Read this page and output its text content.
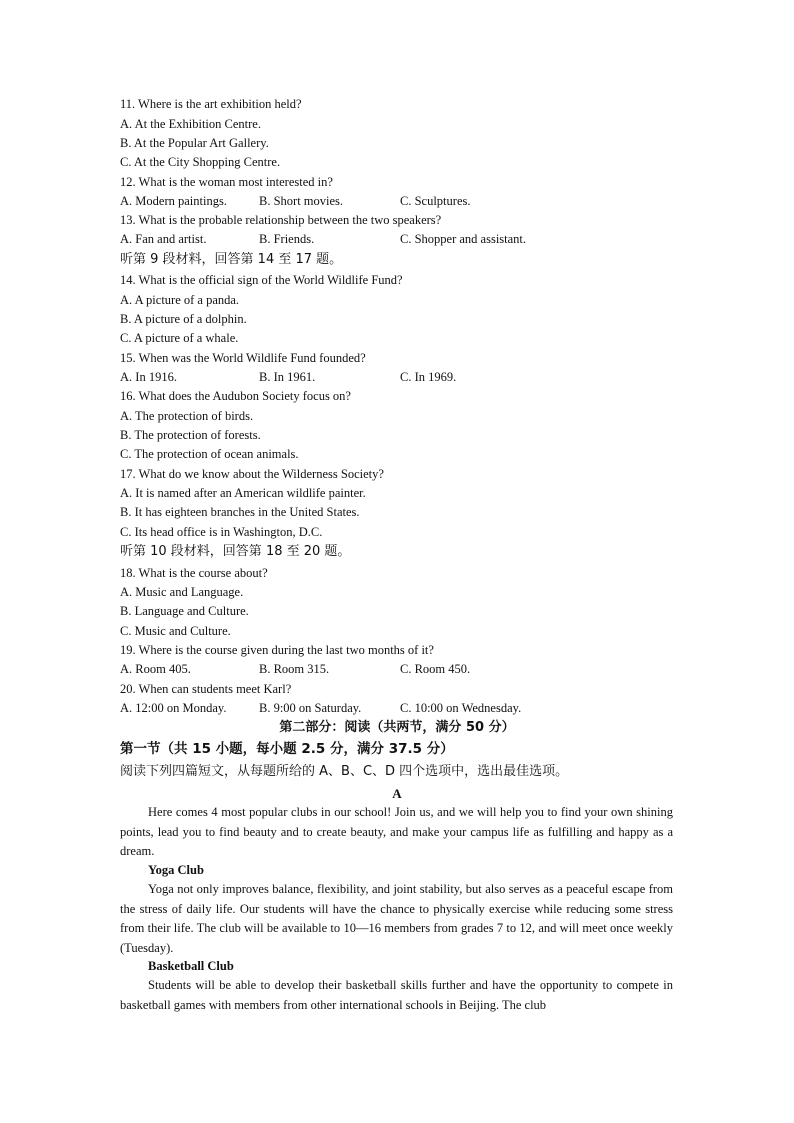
11. Where is the art exhibition held?
A. At the Exhibition Centre.
B. At the Popular Art Gallery.
C. At the City Shopping Centre.
12. What is the woman most interested in?
A. Modern paintings.	B. Short movies.	C. Sculptures.
13. What is the probable relationship between the two speakers?
A. Fan and artist.	B. Friends.	C. Shopper and assistant.
听第 9 段材料，回答第 14 至 17 题。
14. What is the official sign of the World Wildlife Fund?
A. A picture of a panda.
B. A picture of a dolphin.
C. A picture of a whale.
15. When was the World Wildlife Fund founded?
A. In 1916.	B. In 1961.	C. In 1969.
16. What does the Audubon Society focus on?
A. The protection of birds.
B. The protection of forests.
C. The protection of ocean animals.
17. What do we know about the Wilderness Society?
A. It is named after an American wildlife painter.
B. It has eighteen branches in the United States.
C. Its head office is in Washington, D.C.
听第 10 段材料，回答第 18 至 20 题。
18. What is the course about?
A. Music and Language.
B. Language and Culture.
C. Music and Culture.
19. Where is the course given during the last two months of it?
A. Room 405.	B. Room 315.	C. Room 450.
20. When can students meet Karl?
A. 12:00 on Monday.	B. 9:00 on Saturday.	C. 10:00 on Wednesday.
第二部分：阅读（共两节，满分 50 分）
第一节（共 15 小题，每小题 2.5 分，满分 37.5 分）
阅读下列四篇短文，从每题所给的 A、B、C、D 四个选项中，选出最佳选项。
A
Here comes 4 most popular clubs in our school! Join us, and we will help you to find your own shining points, lead you to find beauty and to create beauty, and make your campus life as fulfilling and happy as a dream.
Yoga Club
Yoga not only improves balance, flexibility, and joint stability, but also serves as a peaceful escape from the stress of daily life. Our students will have the chance to physically exercise while reducing some stress from their life. The club will be available to 10—16 members from grades 7 to 12, and will meet once weekly (Tuesday).
Basketball Club
Students will be able to develop their basketball skills further and have the opportunity to compete in basketball games with members from other international schools in Beijing. The club
